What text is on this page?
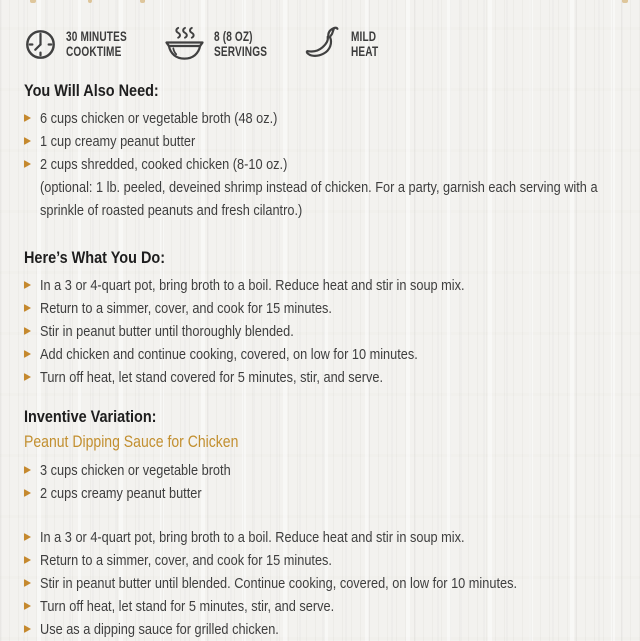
30 MINUTES
COOKTIME
8 (8 OZ)
SERVINGS
MILD
HEAT
You Will Also Need:
6 cups chicken or vegetable broth (48 oz.)
1 cup creamy peanut butter
2 cups shredded, cooked chicken (8-10 oz.)
(optional: 1 lb. peeled, deveined shrimp instead of chicken. For a party, garnish each serving with a sprinkle of roasted peanuts and fresh cilantro.)
Here’s What You Do:
In a 3 or 4-quart pot, bring broth to a boil. Reduce heat and stir in soup mix.
Return to a simmer, cover, and cook for 15 minutes.
Stir in peanut butter until thoroughly blended.
Add chicken and continue cooking, covered, on low for 10 minutes.
Turn off heat, let stand covered for 5 minutes, stir, and serve.
Inventive Variation:
Peanut Dipping Sauce for Chicken
3 cups chicken or vegetable broth
2 cups creamy peanut butter
In a 3 or 4-quart pot, bring broth to a boil. Reduce heat and stir in soup mix.
Return to a simmer, cover, and cook for 15 minutes.
Stir in peanut butter until blended. Continue cooking, covered, on low for 10 minutes.
Turn off heat, let stand for 5 minutes, stir, and serve.
Use as a dipping sauce for grilled chicken.
